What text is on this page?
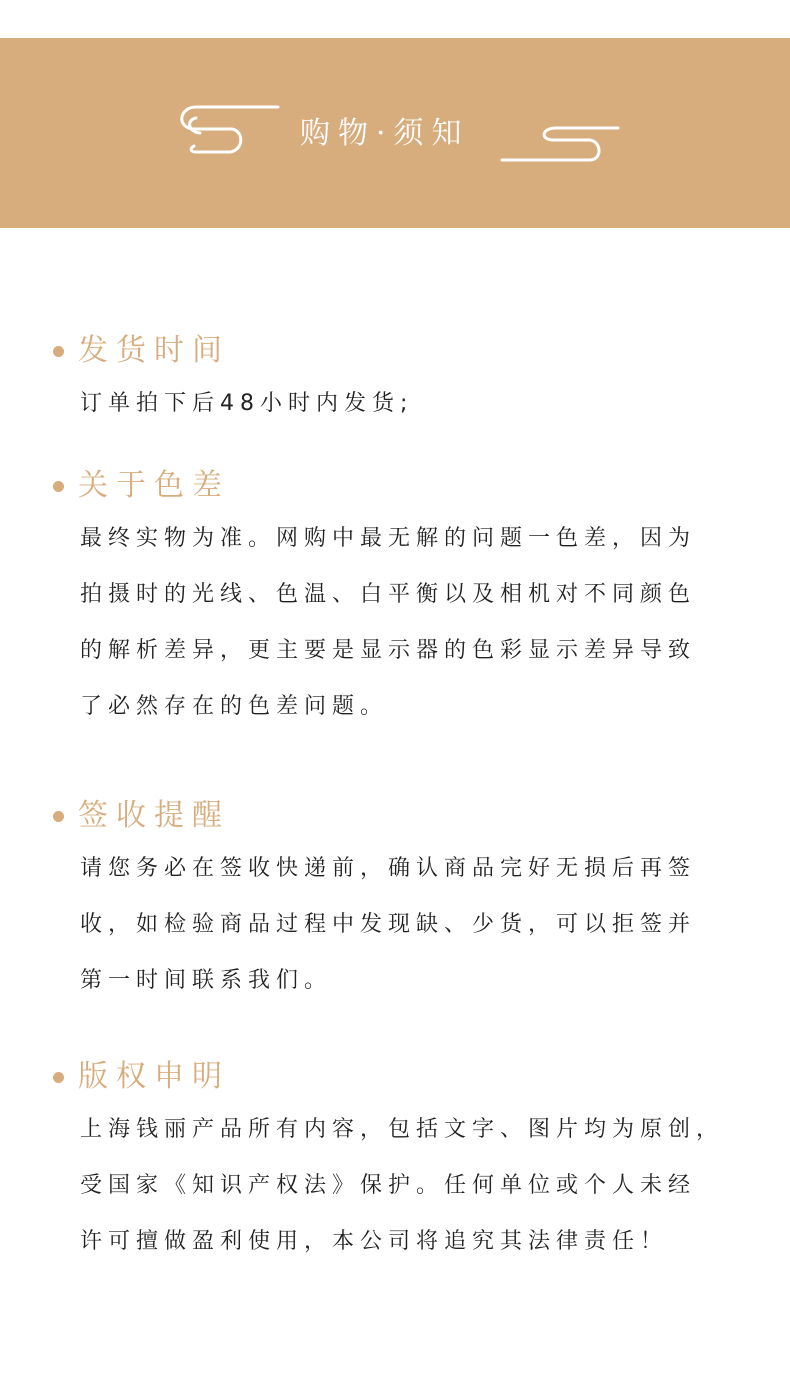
购物·须知
发货时间
订单拍下后48小时内发货;
关于色差
最终实物为准。网购中最无解的问题一色差，因为
拍摄时的光线、色温、白平衡以及相机对不同颜色
的解析差异，更主要是显示器的色彩显示差异导致
了必然存在的色差问题。
签收提醒
请您务必在签收快递前，确认商品完好无损后再签
收，如检验商品过程中发现缺、少货，可以拒签并
第一时间联系我们。
版权申明
上海钱丽产品所有内容，包括文字、图片均为原创，
受国家《知识产权法》保护。任何单位或个人未经
许可擅做盈利使用，本公司将追究其法律责任！
